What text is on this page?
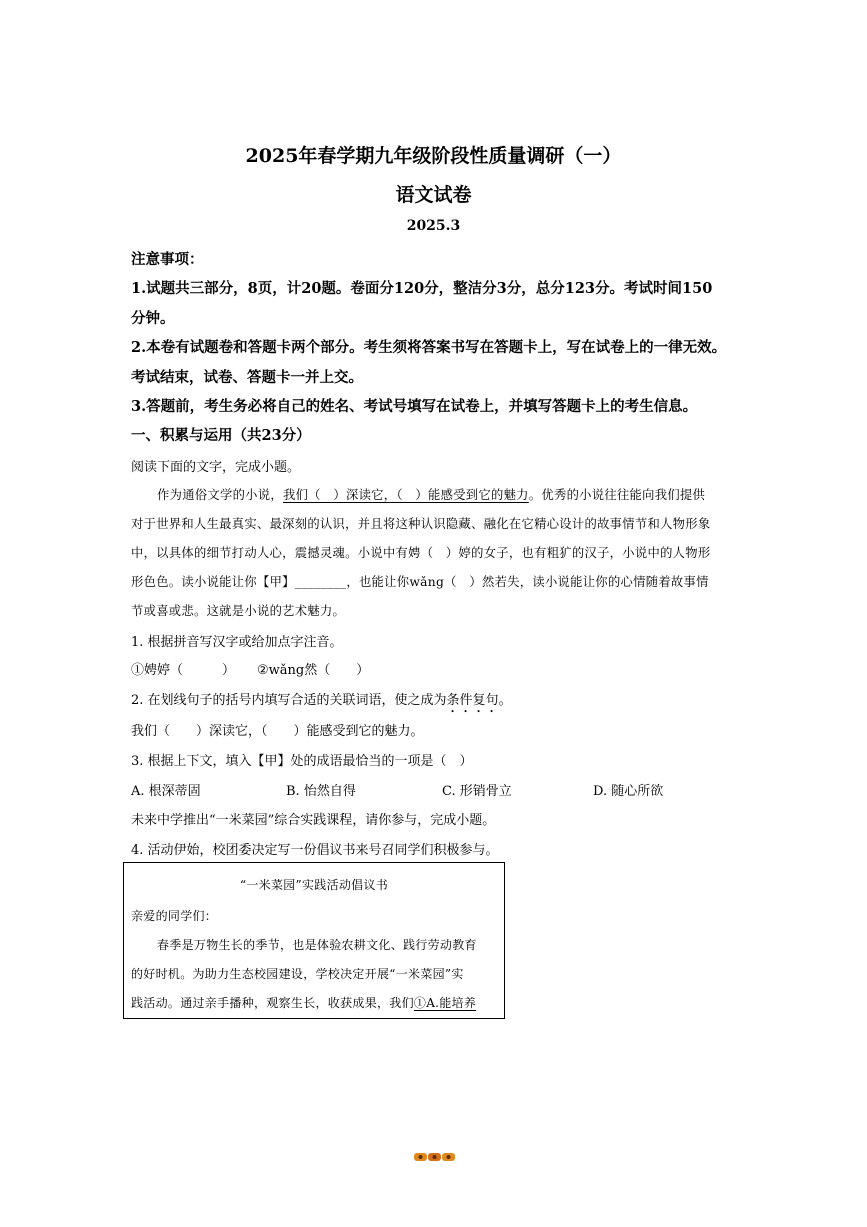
2025年春学期九年级阶段性质量调研（一）
语文试卷
2025.3
注意事项：
1.试题共三部分，8页，计20题。卷面分120分，整洁分3分，总分123分。考试时间150
分钟。
2.本卷有试题卷和答题卡两个部分。考生须将答案书写在答题卡上，写在试卷上的一律无效。
考试结束，试卷、答题卡一并上交。
3.答题前，考生务必将自己的姓名、考试号填写在试卷上，并填写答题卡上的考生信息。
一、积累与运用（共23分）
阅读下面的文字，完成小题。
作为通俗文学的小说，我们（　）深读它，（　）能感受到它的魅力。优秀的小说往往能向我们提供
对于世界和人生最真实、最深刻的认识，并且将这种认识隐藏、融化在它精心设计的故事情节和人物形象
中，以具体的细节打动人心，震撼灵魂。小说中有娉（　）婷的女子，也有粗犷的汉子，小说中的人物形
形色色。读小说能让你【甲】________，也能让你wǎng（　）然若失，读小说能让你的心情随着故事情
节或喜或悲。这就是小说的艺术魅力。
1. 根据拼音写汉字或给加点字注音。
①娉婷（　　　） ②wǎng然（　　）
2. 在划线句子的括号内填写合适的关联词语，使之成为条件复句。
我们（　　）深读它，（　　）能感受到它的魅力。
3. 根据上下文，填入【甲】处的成语最恰当的一项是（　）
A. 根深蒂固	B. 怡然自得	C. 形销骨立	D. 随心所欲
未来中学推出“一米菜园”综合实践课程，请你参与，完成小题。
4. 活动伊始，校团委决定写一份倡议书来号召同学们积极参与。
“一米菜园”实践活动倡议书
亲爱的同学们：
春季是万物生长的季节，也是体验农耕文化、践行劳动教育
的好时机。为助力生态校园建设，学校决定开展“一米菜园”实
践活动。通过亲手播种，观察生长，收获成果，我们①A.能培养
